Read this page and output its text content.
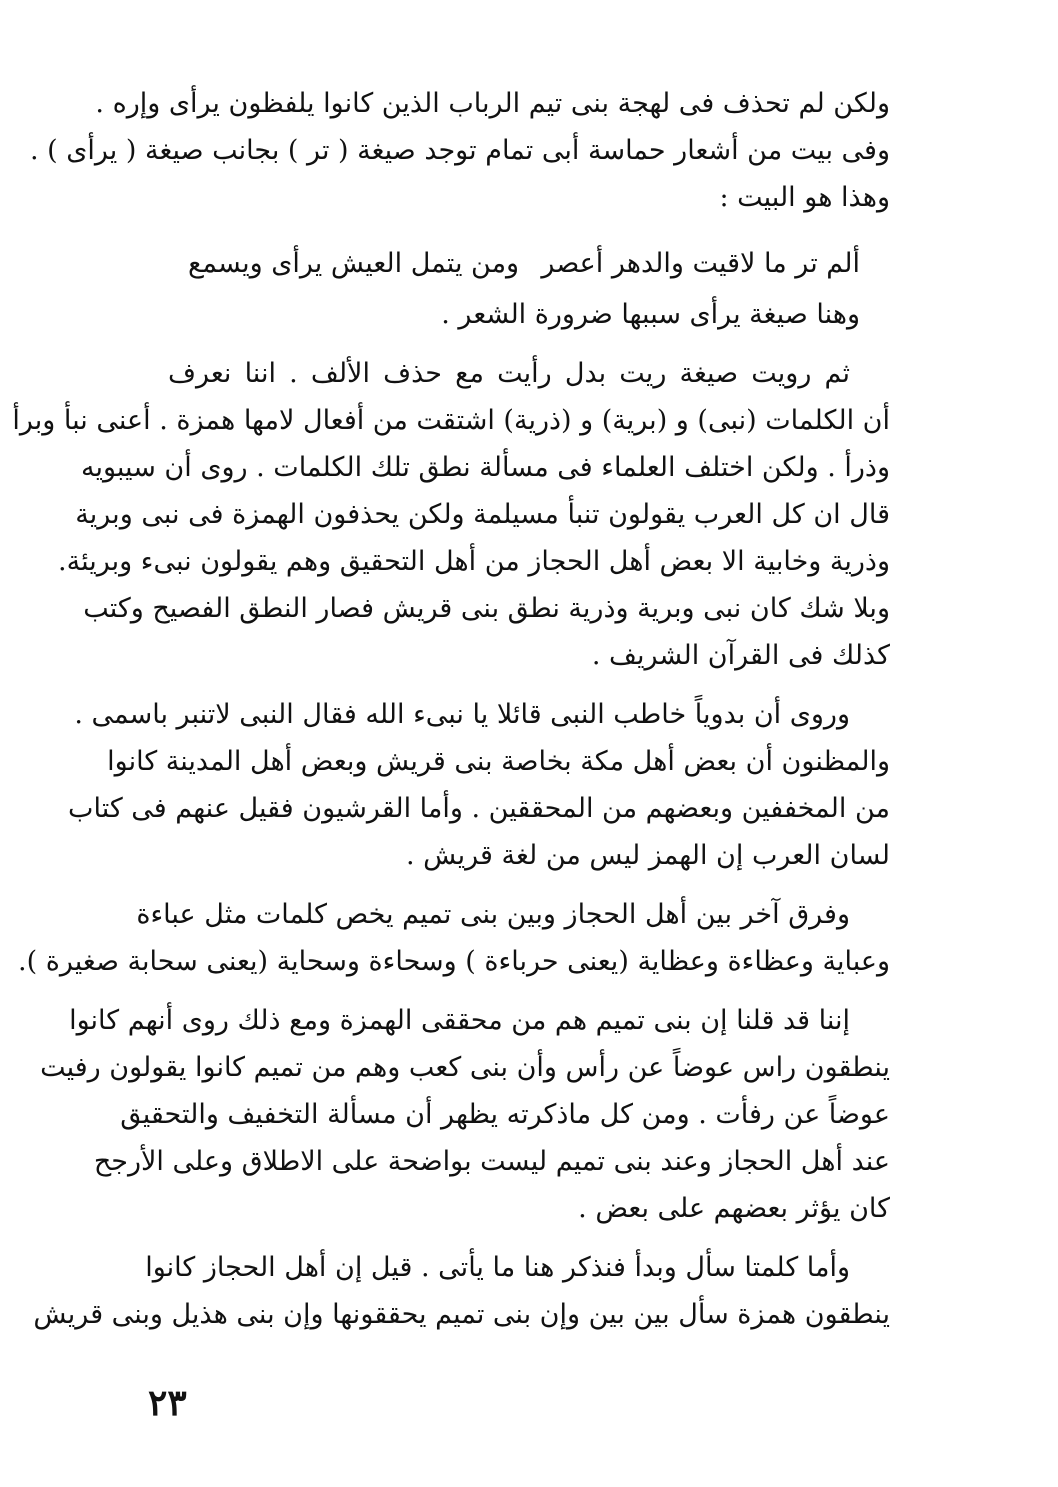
ولكن لم تحذف فى لهجة بنى تيم الرباب الذين كانوا يلفظون يرأى وإره .
وفى بيت من أشعار حماسة أبى تمام توجد صيغة ( تر ) بجانب صيغة ( يرأى ) .
وهذا هو البيت :
ألم تر ما لاقيت والدهر أعصر
ومن يتمل العيش يرأى ويسمع
وهنا صيغة يرأى سببها ضرورة الشعر .
ثم رويت صيغة ريت بدل رأيت مع حذف الألف . اننا نعرف
أن الكلمات (نبى) و (برية) و (ذرية) اشتقت من أفعال لامها همزة . أعنى نبأ وبرأ
وذرأ . ولكن اختلف العلماء فى مسألة نطق تلك الكلمات . روى أن سيبويه
قال ان كل العرب يقولون تنبأ مسيلمة ولكن يحذفون الهمزة فى نبى وبرية
وذرية وخابية الا بعض أهل الحجاز من أهل التحقيق وهم يقولون نبىء وبريئة.
وبلا شك كان نبى وبرية وذرية نطق بنى قريش فصار النطق الفصيح وكتب
كذلك فى القرآن الشريف .
وروى أن بدوياً خاطب النبى قائلا يا نبىء الله فقال النبى لاتنبر باسمى .
والمظنون أن بعض أهل مكة بخاصة بنى قريش وبعض أهل المدينة كانوا
من المخففين وبعضهم من المحققين . وأما القرشيون فقيل عنهم فى كتاب
لسان العرب إن الهمز ليس من لغة قريش .
وفرق آخر بين أهل الحجاز وبين بنى تميم يخص كلمات مثل عباءة
وعباية وعظاءة وعظاية (يعنى حرباءة ) وسحاءة وسحاية (يعنى سحابة صغيرة ).
إننا قد قلنا إن بنى تميم هم من محققى الهمزة ومع ذلك روى أنهم كانوا
ينطقون راس عوضاً عن رأس وأن بنى كعب وهم من تميم كانوا يقولون رفيت
عوضاً عن رفأت . ومن كل ماذكرته يظهر أن مسألة التخفيف والتحقيق
عند أهل الحجاز وعند بنى تميم ليست بواضحة على الاطلاق وعلى الأرجح
كان يؤثر بعضهم على بعض .
وأما كلمتا سأل وبدأ فنذكر هنا ما يأتى . قيل إن أهل الحجاز كانوا
ينطقون همزة سأل بين بين وإن بنى تميم يحققونها وإن بنى هذيل وبنى قريش
٢٣
